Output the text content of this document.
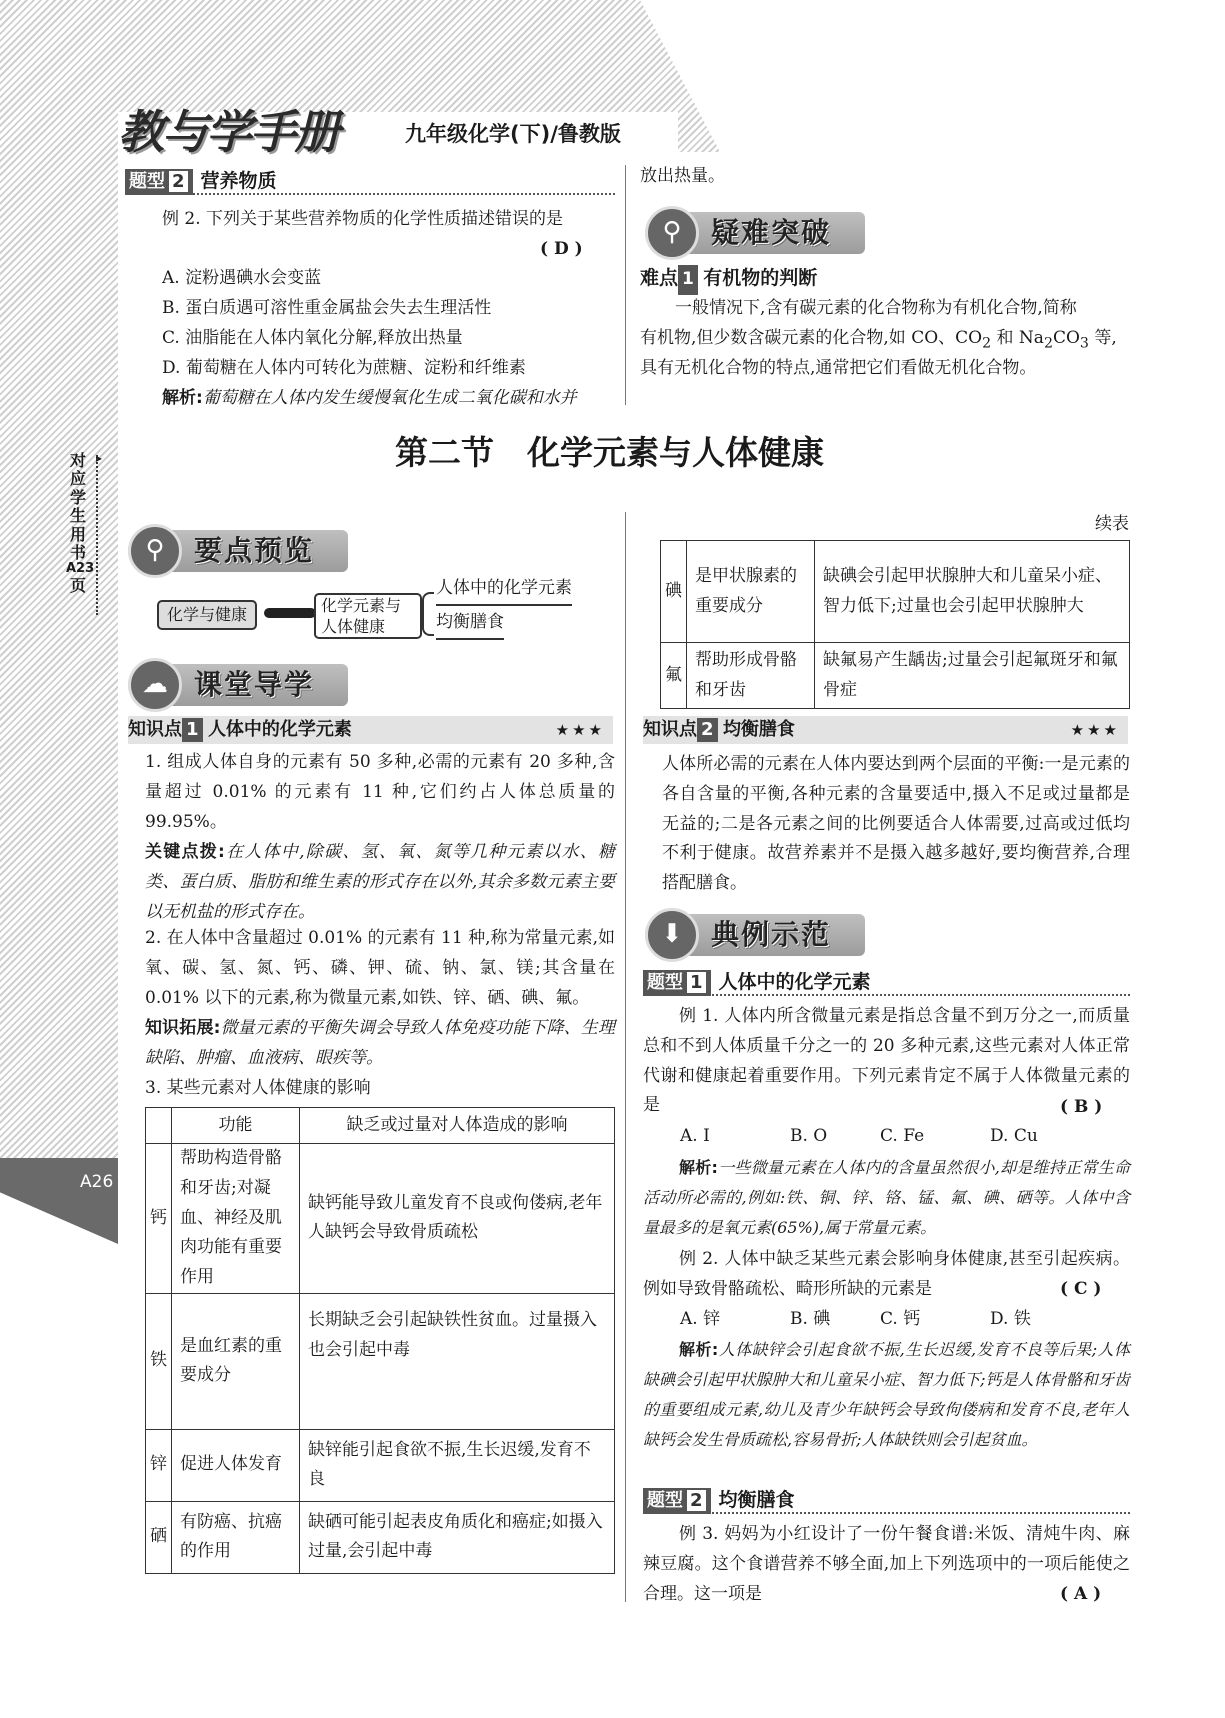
教与学手册	九年级化学(下)/鲁教版
▸
对
应
学
生
用
书
A23
页
A26
题型 2 营养物质
例 2. 下列关于某些营养物质的化学性质描述错误的是
( D )
A. 淀粉遇碘水会变蓝
B. 蛋白质遇可溶性重金属盐会失去生理活性
C. 油脂能在人体内氧化分解,释放出热量
D. 葡萄糖在人体内可转化为蔗糖、淀粉和纤维素
解析:葡萄糖在人体内发生缓慢氧化生成二氧化碳和水并
放出热量。
⚲	疑难突破
难点 1 有机物的判断
一般情况下,含有碳元素的化合物称为有机化合物,简称
有机物,但少数含碳元素的化合物,如 CO、$CO_2$ 和 $Na_2CO_3$ 等,
具有无机化合物的特点,通常把它们看做无机化合物。
第二节　化学元素与人体健康
⚲	要点预览
化学与健康	化学元素与人体健康
人体中的化学元素
均衡膳食
☁ 课堂导学
知识点 1 人体中的化学元素	★★★
1. 组成人体自身的元素有 50 多种,必需的元素有 20 多种,含量超过 0.01% 的元素有 11 种,它们约占人体总质量的 99.95%。
关键点拨:在人体中,除碳、氢、氧、氮等几种元素以水、糖类、蛋白质、脂肪和维生素的形式存在以外,其余多数元素主要以无机盐的形式存在。
2. 在人体中含量超过 0.01% 的元素有 11 种,称为常量元素,如氧、碳、氢、氮、钙、磷、钾、硫、钠、氯、镁;其含量在 0.01% 以下的元素,称为微量元素,如铁、锌、硒、碘、氟。
知识拓展:微量元素的平衡失调会导致人体免疫功能下降、生理缺陷、肿瘤、血液病、眼疾等。
3. 某些元素对人体健康的影响
	功能	缺乏或过量对人体造成的影响
钙	帮助构造骨骼和牙齿;对凝血、神经及肌肉功能有重要作用	缺钙能导致儿童发育不良或佝偻病,老年人缺钙会导致骨质疏松
铁	是血红素的重要成分	长期缺乏会引起缺铁性贫血。过量摄入也会引起中毒
锌	促进人体发育	缺锌能引起食欲不振,生长迟缓,发育不良
硒	有防癌、抗癌的作用	缺硒可能引起表皮角质化和癌症;如摄入过量,会引起中毒
续表
碘	是甲状腺素的重要成分	缺碘会引起甲状腺肿大和儿童呆小症、智力低下;过量也会引起甲状腺肿大
氟	帮助形成骨骼和牙齿	缺氟易产生龋齿;过量会引起氟斑牙和氟骨症
知识点 2 均衡膳食	★★★
人体所必需的元素在人体内要达到两个层面的平衡:一是元素的各自含量的平衡,各种元素的含量要适中,摄入不足或过量都是无益的;二是各元素之间的比例要适合人体需要,过高或过低均不利于健康。故营养素并不是摄入越多越好,要均衡营养,合理搭配膳食。
⬇	典例示范
题型 1 人体中的化学元素
例 1. 人体内所含微量元素是指总含量不到万分之一,而质量总和不到人体质量千分之一的 20 多种元素,这些元素对人体正常代谢和健康起着重要作用。下列元素肯定不属于人体微量元素的是	( B )
A. I	B. O	C. Fe	D. Cu
解析:一些微量元素在人体内的含量虽然很小,却是维持正常生命活动所必需的,例如:铁、铜、锌、铬、锰、氟、碘、硒等。人体中含量最多的是氧元素(65%),属于常量元素。
例 2. 人体中缺乏某些元素会影响身体健康,甚至引起疾病。例如导致骨骼疏松、畸形所缺的元素是	( C )
A. 锌	B. 碘	C. 钙	D. 铁
解析:人体缺锌会引起食欲不振,生长迟缓,发育不良等后果;人体缺碘会引起甲状腺肿大和儿童呆小症、智力低下;钙是人体骨骼和牙齿的重要组成元素,幼儿及青少年缺钙会导致佝偻病和发育不良,老年人缺钙会发生骨质疏松,容易骨折;人体缺铁则会引起贫血。
题型 2 均衡膳食
例 3. 妈妈为小红设计了一份午餐食谱:米饭、清炖牛肉、麻辣豆腐。这个食谱营养不够全面,加上下列选项中的一项后能使之合理。这一项是	( A )
